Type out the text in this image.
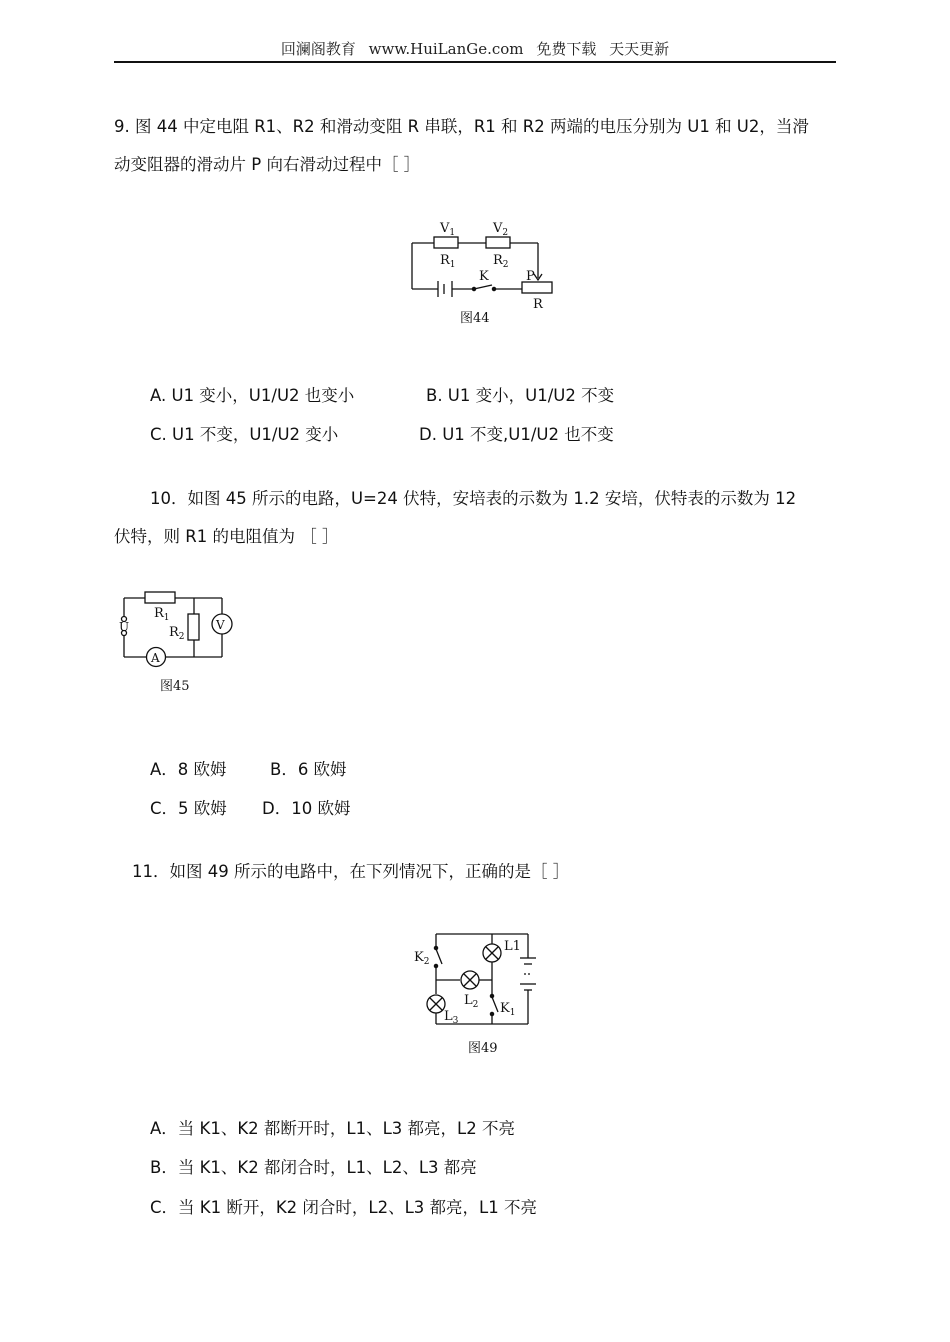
回澜阁教育 www.HuiLanGe.com 免费下载 天天更新
9. 图 44 中定电阻 R1、R2 和滑动变阻 R 串联，R1 和 R2 两端的电压分别为 U1 和 U2，当滑
动变阻器的滑动片 P 向右滑动过程中［ ］
$V_1$	$V_2$
$R_1$	$R_2$
K	P
R
图44
A. U1 变小，U1/U2 也变小	B. U1 变小，U1/U2 不变
C. U1 不变，U1/U2 变小	D. U1 不变,U1/U2 也不变
10．如图 45 所示的电路，U=24 伏特，安培表的示数为 1.2 安培，伏特表的示数为 12
伏特，则 R1 的电阻值为 ［ ］
$R_1$
$R_2$
U	V
A
图45
A．8 欧姆	B．6 欧姆
C．5 欧姆 D．10 欧姆
11．如图 49 所示的电路中，在下列情况下，正确的是［ ］
$K_2$
L1
$L_2$
$L_3$
$K_1$
图49
A．当 K1、K2 都断开时，L1、L3 都亮，L2 不亮
B．当 K1、K2 都闭合时，L1、L2、L3 都亮
C．当 K1 断开，K2 闭合时，L2、L3 都亮，L1 不亮
